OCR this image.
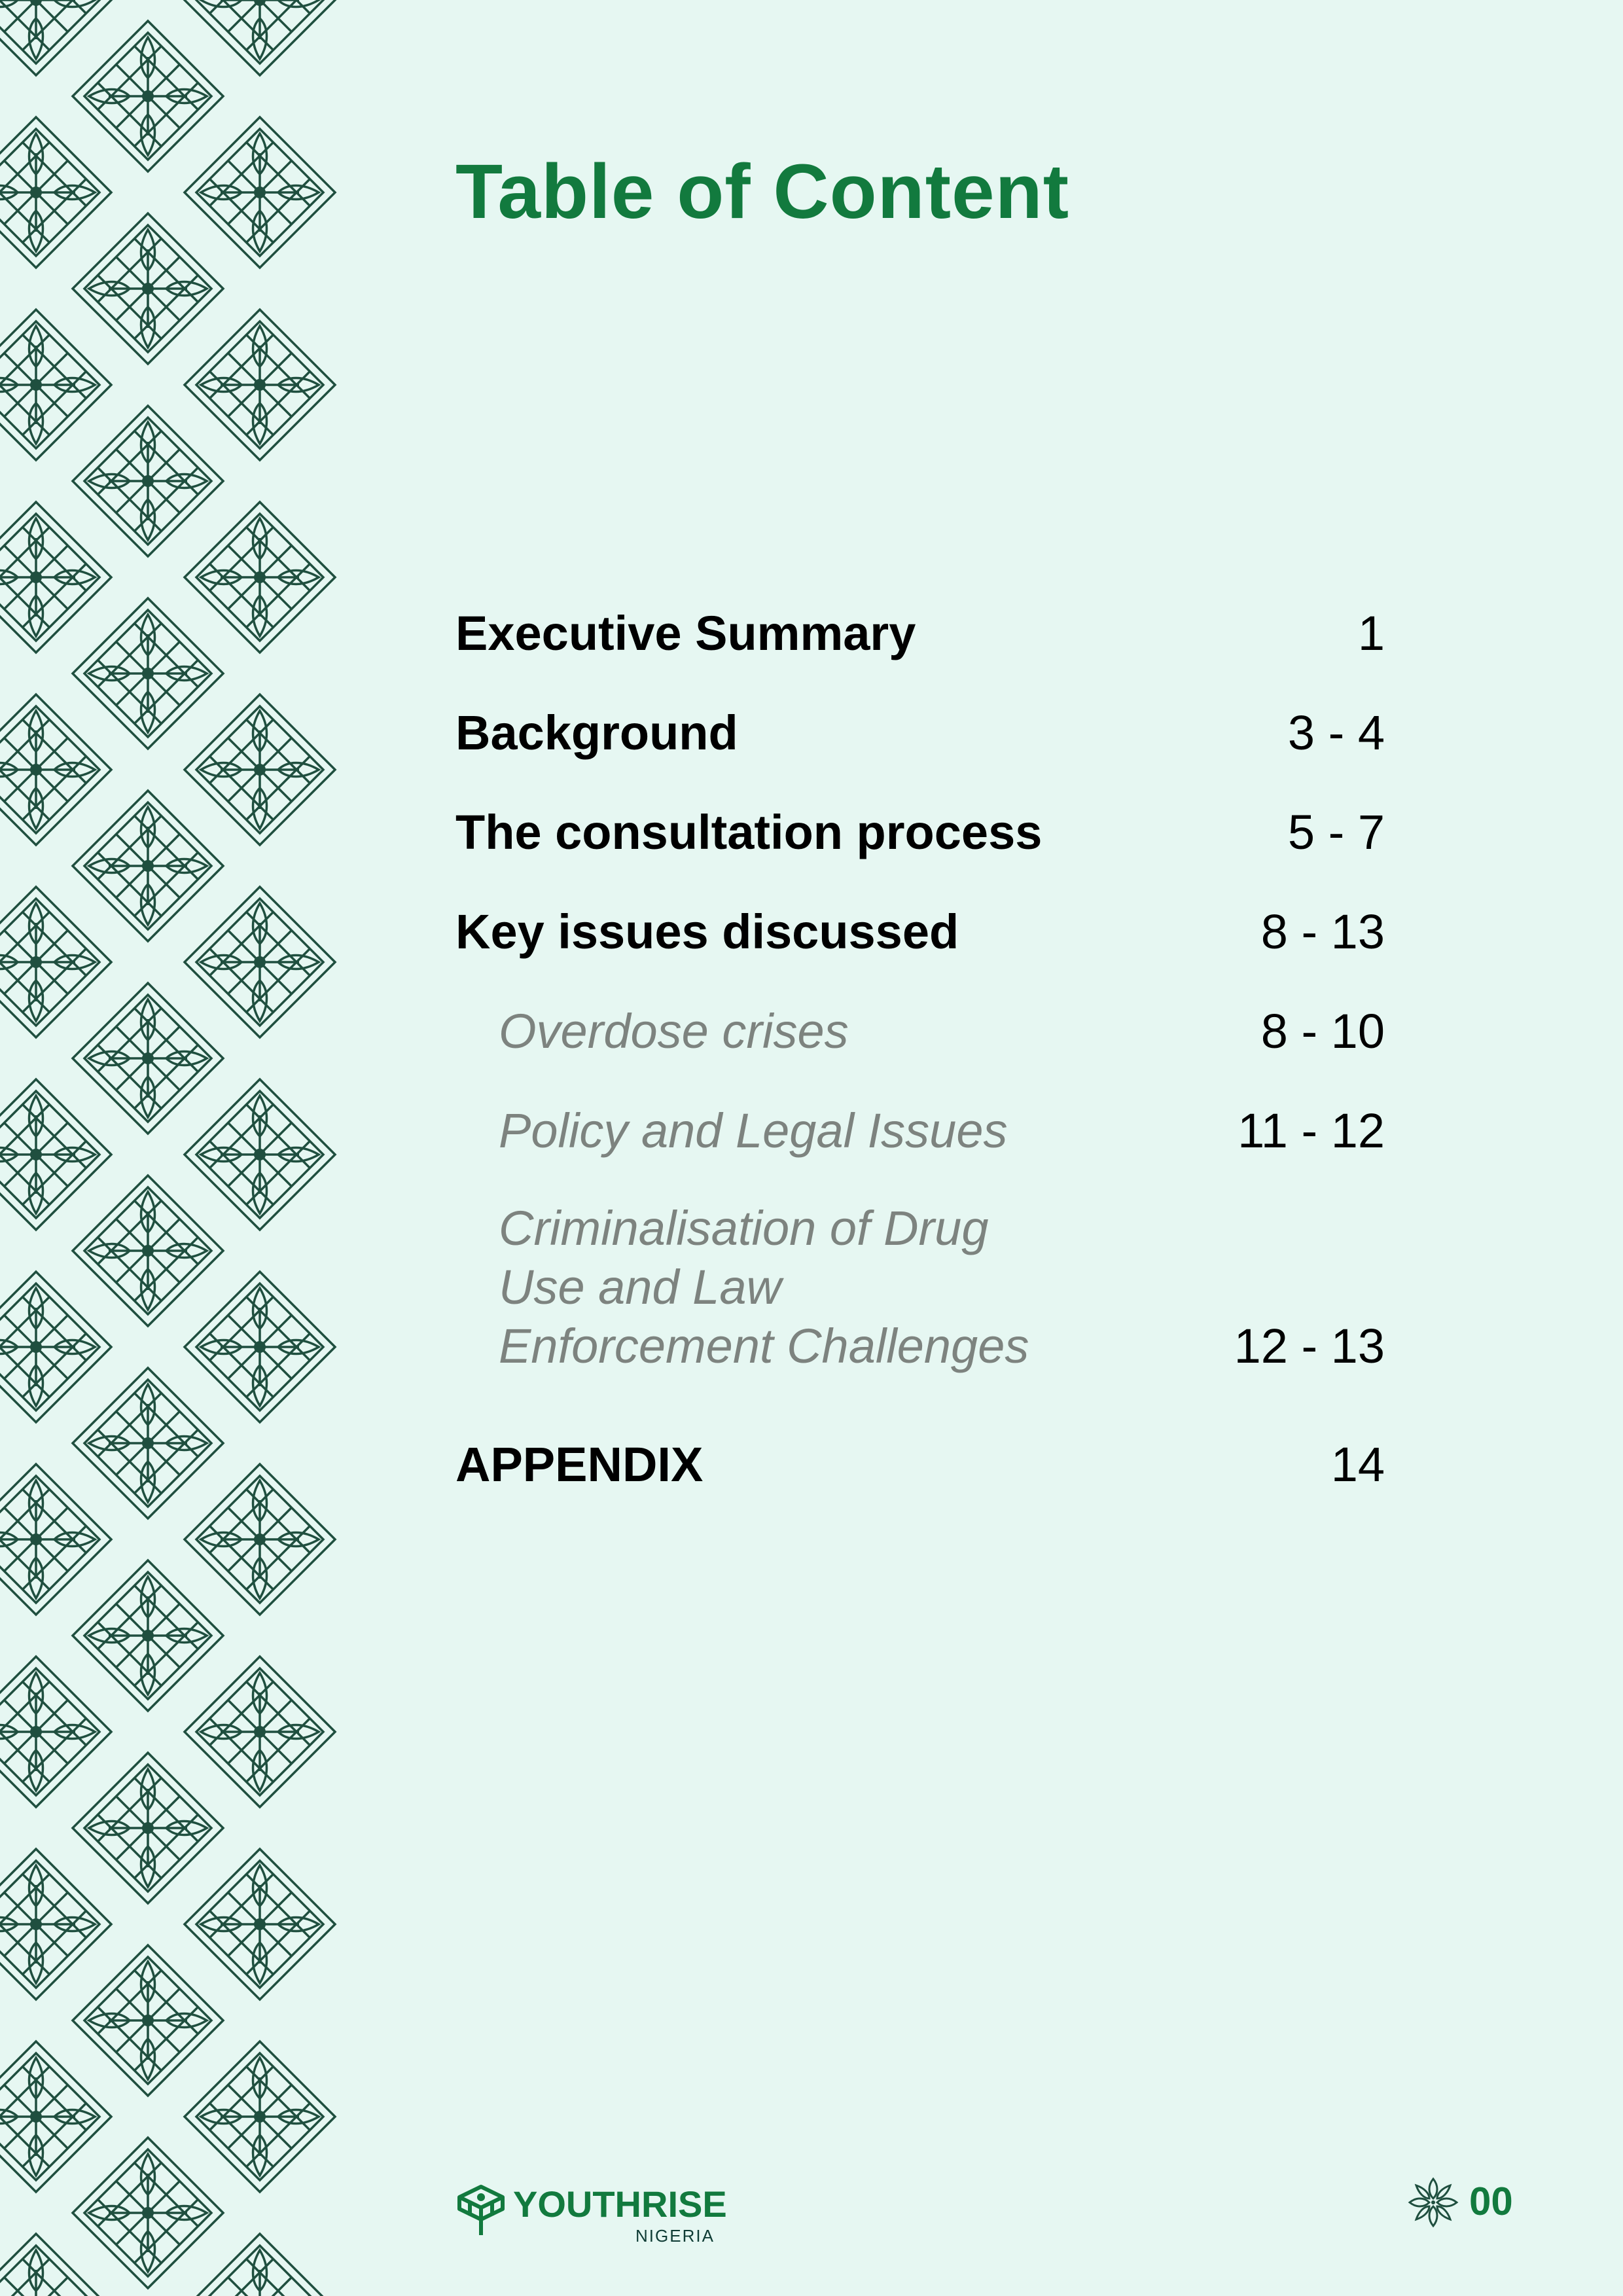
Table of Content
Executive Summary	1
Background	3 - 4
The consultation process	5 - 7
Key issues discussed	8 - 13
Overdose crises	8 - 10
Policy and Legal Issues	11 - 12
Criminalisation of Drug
Use and Law
Enforcement Challenges	12 - 13
APPENDIX	14
YOUTHRISE
NIGERIA
00
